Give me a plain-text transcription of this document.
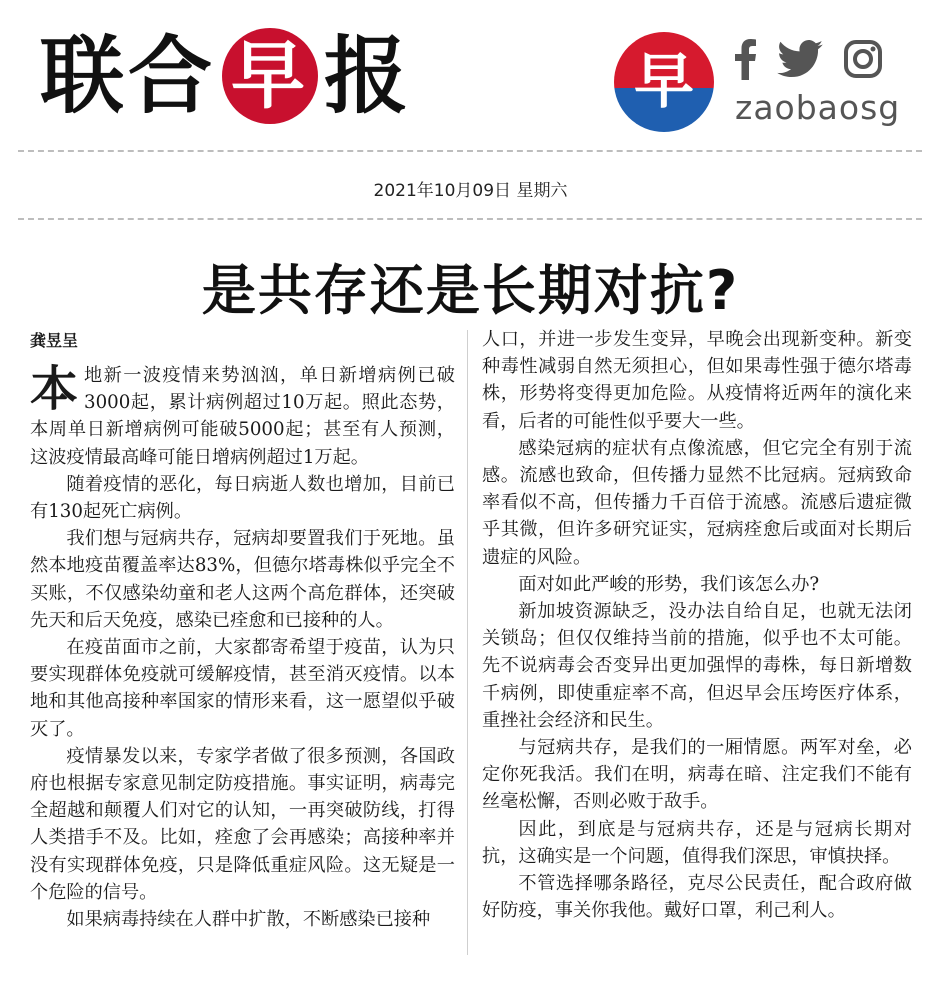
联 合 早 报	早	zaobaosg
2021年10月09日 星期六
是共存还是长期对抗?
龚昱呈

本地新一波疫情来势汹汹，单日新增病例已破3000起，累计病例超过10万起。照此态势，本周单日新增病例可能破5000起；甚至有人预测，这波疫情最高峰可能日增病例超过1万起。

随着疫情的恶化，每日病逝人数也增加，目前已有130起死亡病例。

我们想与冠病共存，冠病却要置我们于死地。虽然本地疫苗覆盖率达83%，但德尔塔毒株似乎完全不买账，不仅感染幼童和老人这两个高危群体，还突破先天和后天免疫，感染已痊愈和已接种的人。

在疫苗面市之前，大家都寄希望于疫苗，认为只要实现群体免疫就可缓解疫情，甚至消灭疫情。以本地和其他高接种率国家的情形来看，这一愿望似乎破灭了。

疫情暴发以来，专家学者做了很多预测，各国政府也根据专家意见制定防疫措施。事实证明，病毒完全超越和颠覆人们对它的认知，一再突破防线，打得人类措手不及。比如，痊愈了会再感染；高接种率并没有实现群体免疫，只是降低重症风险。这无疑是一个危险的信号。

如果病毒持续在人群中扩散，不断感染已接种

人口，并进一步发生变异，早晚会出现新变种。新变种毒性减弱自然无须担心，但如果毒性强于德尔塔毒株，形势将变得更加危险。从疫情将近两年的演化来看，后者的可能性似乎要大一些。

感染冠病的症状有点像流感，但它完全有别于流感。流感也致命，但传播力显然不比冠病。冠病致命率看似不高，但传播力千百倍于流感。流感后遗症微乎其微，但许多研究证实，冠病痊愈后或面对长期后遗症的风险。

面对如此严峻的形势，我们该怎么办?

新加坡资源缺乏，没办法自给自足，也就无法闭关锁岛；但仅仅维持当前的措施，似乎也不太可能。先不说病毒会否变异出更加强悍的毒株，每日新增数千病例，即使重症率不高，但迟早会压垮医疗体系，重挫社会经济和民生。

与冠病共存，是我们的一厢情愿。两军对垒，必定你死我活。我们在明，病毒在暗、注定我们不能有丝毫松懈，否则必败于敌手。

因此，到底是与冠病共存，还是与冠病长期对抗，这确实是一个问题，值得我们深思，审慎抉择。

不管选择哪条路径，克尽公民责任，配合政府做好防疫，事关你我他。戴好口罩，利己利人。
